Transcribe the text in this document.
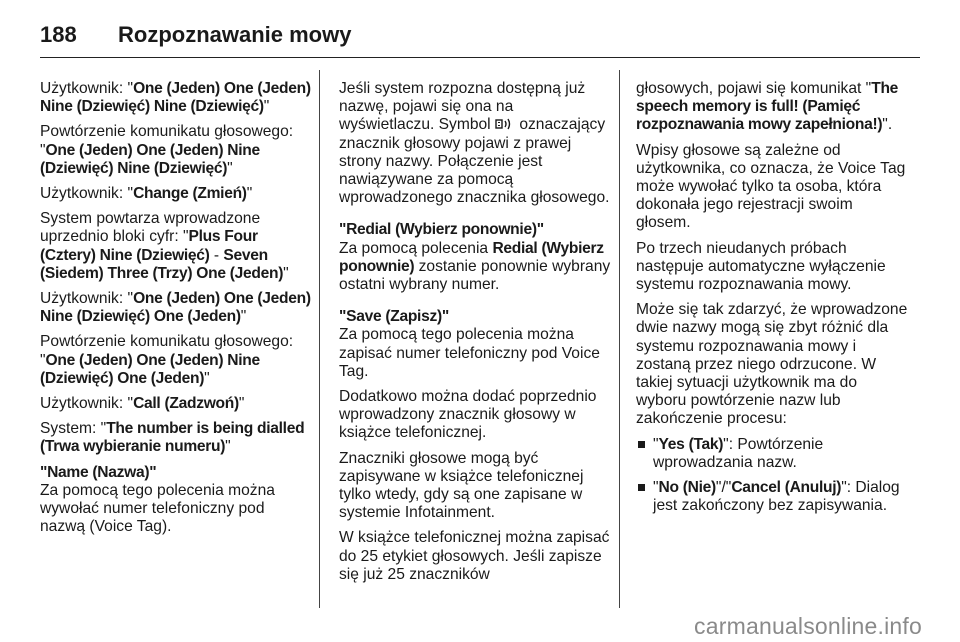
188 Rozpoznawanie mowy

Użytkownik: "One (Jeden) One (Jeden) Nine (Dziewięć) Nine (Dziewięć)"

Powtórzenie komunikatu głosowego: "One (Jeden) One (Jeden) Nine (Dziewięć) Nine (Dziewięć)"

Użytkownik: "Change (Zmień)"

System powtarza wprowadzone uprzednio bloki cyfr: "Plus Four (Cztery) Nine (Dziewięć) - Seven (Siedem) Three (Trzy) One (Jeden)"

Użytkownik: "One (Jeden) One (Jeden) Nine (Dziewięć) One (Jeden)"

Powtórzenie komunikatu głosowego: "One (Jeden) One (Jeden) Nine (Dziewięć) One (Jeden)"

Użytkownik: "Call (Zadzwoń)"

System: "The number is being dialled (Trwa wybieranie numeru)"

"Name (Nazwa)"

Za pomocą tego polecenia można wywołać numer telefoniczny pod nazwą (Voice Tag).

Jeśli system rozpozna dostępną już nazwę, pojawi się ona na wyświetlaczu. Symbol  oznaczający znacznik głosowy pojawi z prawej strony nazwy. Połączenie jest nawiązywane za pomocą wprowadzonego znacznika głosowego.

"Redial (Wybierz ponownie)"

Za pomocą polecenia Redial (Wybierz ponownie) zostanie ponownie wybrany ostatni wybrany numer.

"Save (Zapisz)"

Za pomocą tego polecenia można zapisać numer telefoniczny pod Voice Tag.

Dodatkowo można dodać poprzednio wprowadzony znacznik głosowy w książce telefonicznej.

Znaczniki głosowe mogą być zapisywane w książce telefonicznej tylko wtedy, gdy są one zapisane w systemie Infotainment.

W książce telefonicznej można zapisać do 25 etykiet głosowych. Jeśli zapisze się już 25 znaczników

głosowych, pojawi się komunikat "The speech memory is full! (Pamięć rozpoznawania mowy zapełniona!)".

Wpisy głosowe są zależne od użytkownika, co oznacza, że Voice Tag może wywołać tylko ta osoba, która dokonała jego rejestracji swoim głosem.

Po trzech nieudanych próbach następuje automatyczne wyłączenie systemu rozpoznawania mowy.

Może się tak zdarzyć, że wprowadzone dwie nazwy mogą się zbyt różnić dla systemu rozpoznawania mowy i zostaną przez niego odrzucone. W takiej sytuacji użytkownik ma do wyboru powtórzenie nazw lub zakończenie procesu:

"Yes (Tak)": Powtórzenie wprowadzania nazw.
"No (Nie)"/"Cancel (Anuluj)": Dialog jest zakończony bez zapisywania.
carmanualsonline.info
